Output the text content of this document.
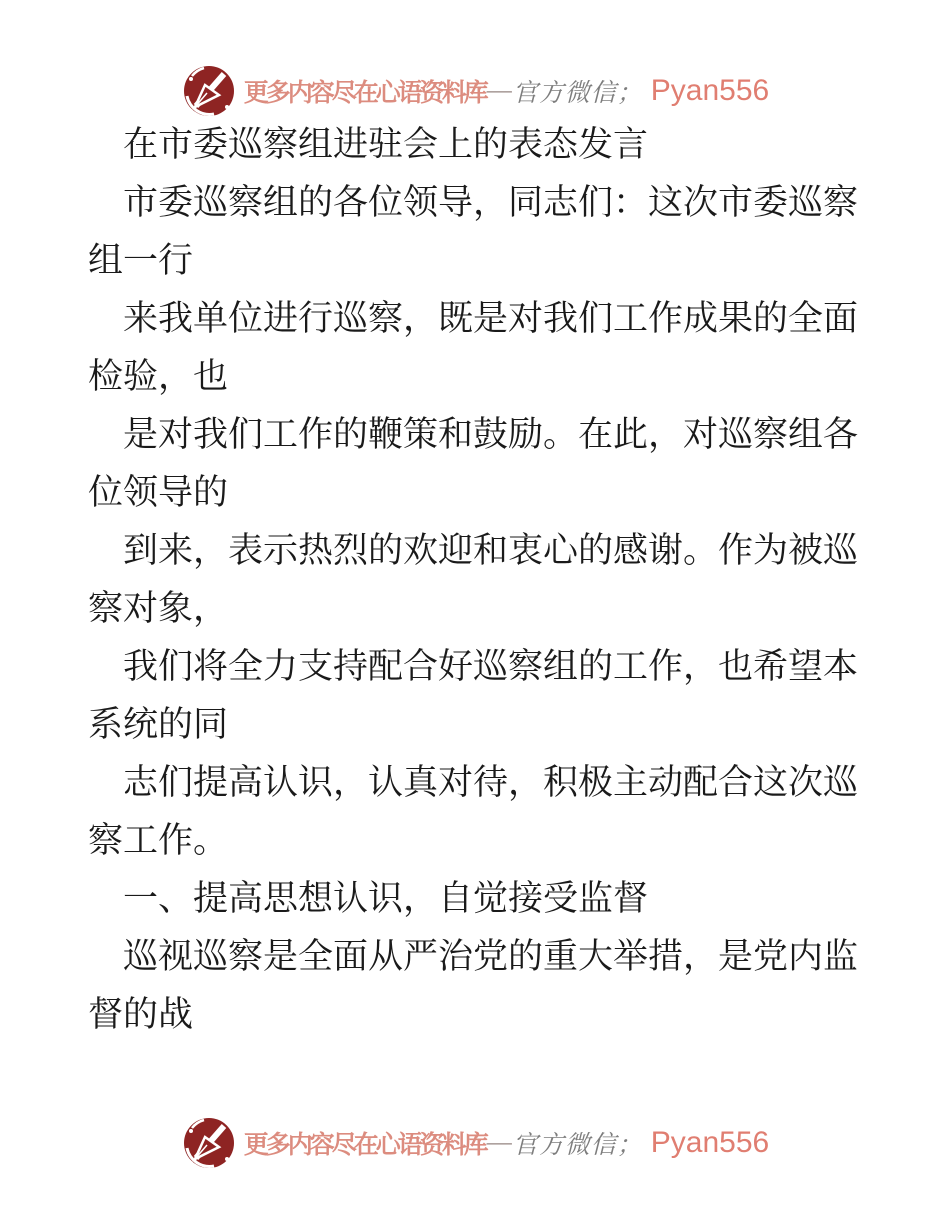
更多内容尽在心语资料库 — 官方微信； Pyan556
在市委巡察组进驻会上的表态发言
市委巡察组的各位领导，同志们：这次市委巡察
组一行
来我单位进行巡察，既是对我们工作成果的全面
检验，也
是对我们工作的鞭策和鼓励。在此，对巡察组各
位领导的
到来，表示热烈的欢迎和衷心的感谢。作为被巡
察对象，
我们将全力支持配合好巡察组的工作，也希望本
系统的同
志们提高认识，认真对待，积极主动配合这次巡
察工作。
一、提高思想认识，自觉接受监督
巡视巡察是全面从严治党的重大举措，是党内监
督的战
更多内容尽在心语资料库 — 官方微信； Pyan556
